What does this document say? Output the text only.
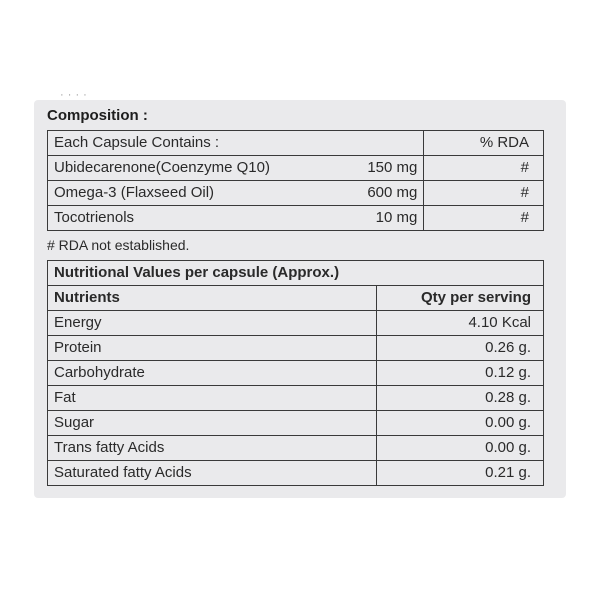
· · · ·
Composition :
Each Capsule Contains :		% RDA
Ubidecarenone(Coenzyme Q10)	150 mg	#
Omega-3 (Flaxseed Oil)	600 mg	#
Tocotrienols	10 mg	#
# RDA not established.
Nutritional Values per capsule (Approx.)	
Nutrients	Qty per serving
Energy	4.10 Kcal
Protein	0.26 g.
Carbohydrate	0.12 g.
Fat	0.28 g.
Sugar	0.00 g.
Trans fatty Acids	0.00 g.
Saturated fatty Acids	0.21 g.
